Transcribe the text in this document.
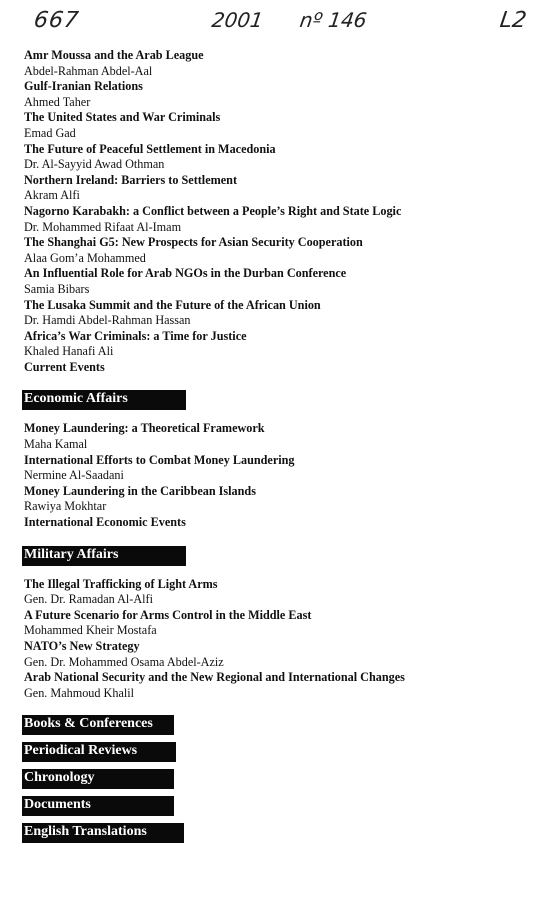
667	2001 nº 146	L2
Amr Moussa and the Arab League
Abdel-Rahman Abdel-Aal
Gulf-Iranian Relations
Ahmed Taher
The United States and War Criminals
Emad Gad
The Future of Peaceful Settlement in Macedonia
Dr. Al-Sayyid Awad Othman
Northern Ireland: Barriers to Settlement
Akram Alfi
Nagorno Karabakh: a Conflict between a People’s Right and State Logic
Dr. Mohammed Rifaat Al-Imam
The Shanghai G5: New Prospects for Asian Security Cooperation
Alaa Gom’a Mohammed
An Influential Role for Arab NGOs in the Durban Conference
Samia Bibars
The Lusaka Summit and the Future of the African Union
Dr. Hamdi Abdel-Rahman Hassan
Africa’s War Criminals: a Time for Justice
Khaled Hanafi Ali
Current Events
Economic Affairs
Money Laundering: a Theoretical Framework
Maha Kamal
International Efforts to Combat Money Laundering
Nermine Al-Saadani
Money Laundering in the Caribbean Islands
Rawiya Mokhtar
International Economic Events
Military Affairs
The Illegal Trafficking of Light Arms
Gen. Dr. Ramadan Al-Alfi
A Future Scenario for Arms Control in the Middle East
Mohammed Kheir Mostafa
NATO’s New Strategy
Gen. Dr. Mohammed Osama Abdel-Aziz
Arab National Security and the New Regional and International Changes
Gen. Mahmoud Khalil
Books & Conferences
Periodical Reviews
Chronology
Documents
English Translations
